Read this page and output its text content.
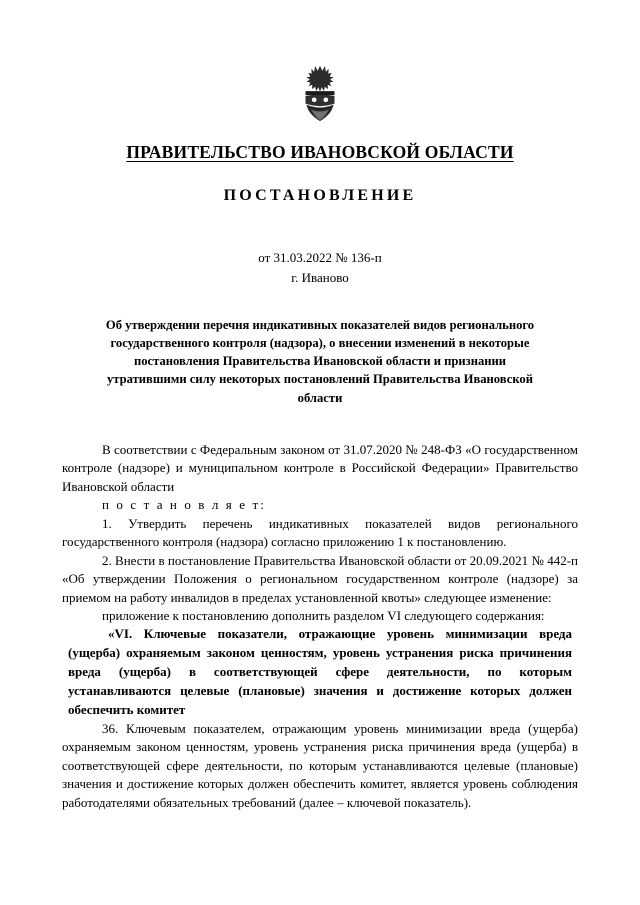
ПРАВИТЕЛЬСТВО ИВАНОВСКОЙ ОБЛАСТИ
ПОСТАНОВЛЕНИЕ
от 31.03.2022 № 136-п
г. Иваново
Об утверждении перечня индикативных показателей видов регионального государственного контроля (надзора), о внесении изменений в некоторые постановления Правительства Ивановской области и признании утратившими силу некоторых постановлений Правительства Ивановской области

В соответствии с Федеральным законом от 31.07.2020 № 248-ФЗ «О государственном контроле (надзоре) и муниципальном контроле в Российской Федерации» Правительство Ивановской области

п о с т а н о в л я е т:

1. Утвердить перечень индикативных показателей видов регионального государственного контроля (надзора) согласно приложению 1 к постановлению.

2. Внести в постановление Правительства Ивановской области от 20.09.2021 № 442-п «Об утверждении Положения о региональном государственном контроле (надзоре) за приемом на работу инвалидов в пределах установленной квоты» следующее изменение:

приложение к постановлению дополнить разделом VI следующего содержания:

«VI. Ключевые показатели, отражающие уровень минимизации вреда (ущерба) охраняемым законом ценностям, уровень устранения риска причинения вреда (ущерба) в соответствующей сфере деятельности, по которым устанавливаются целевые (плановые) значения и достижение которых должен обеспечить комитет

36. Ключевым показателем, отражающим уровень минимизации вреда (ущерба) охраняемым законом ценностям, уровень устранения риска причинения вреда (ущерба) в соответствующей сфере деятельности, по которым устанавливаются целевые (плановые) значения и достижение которых должен обеспечить комитет, является уровень соблюдения работодателями обязательных требований (далее – ключевой показатель).
